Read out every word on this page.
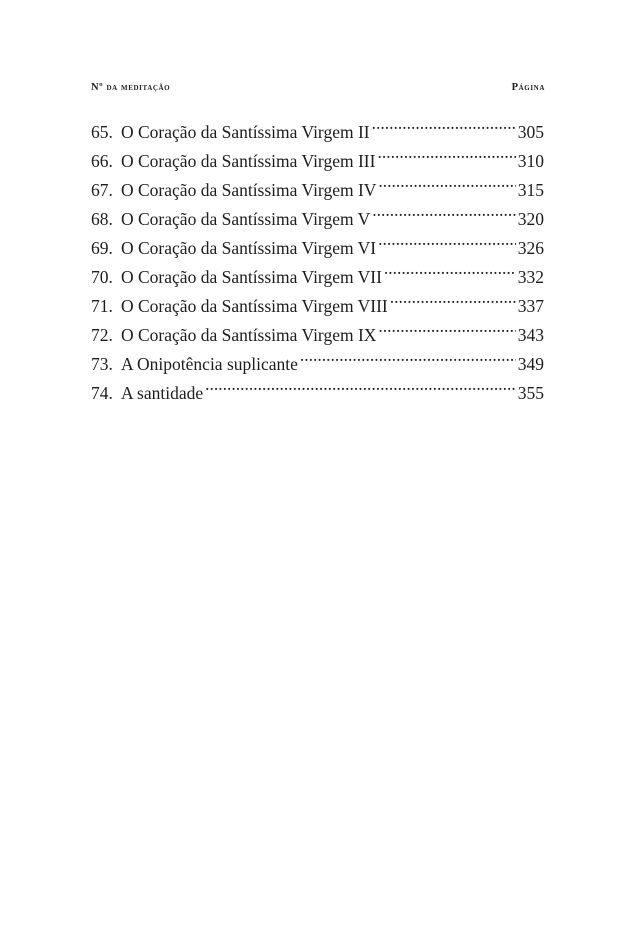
Nº da meditação	Página
65. O Coração da Santíssima Virgem II .....	305
66. O Coração da Santíssima Virgem III .....	310
67. O Coração da Santíssima Virgem IV .....	315
68. O Coração da Santíssima Virgem V .....	320
69. O Coração da Santíssima Virgem VI .....	326
70. O Coração da Santíssima Virgem VII .....	332
71. O Coração da Santíssima Virgem VIII .....	337
72. O Coração da Santíssima Virgem IX .....	343
73. A Onipotência suplicante .....	349
74. A santidade .....	355
